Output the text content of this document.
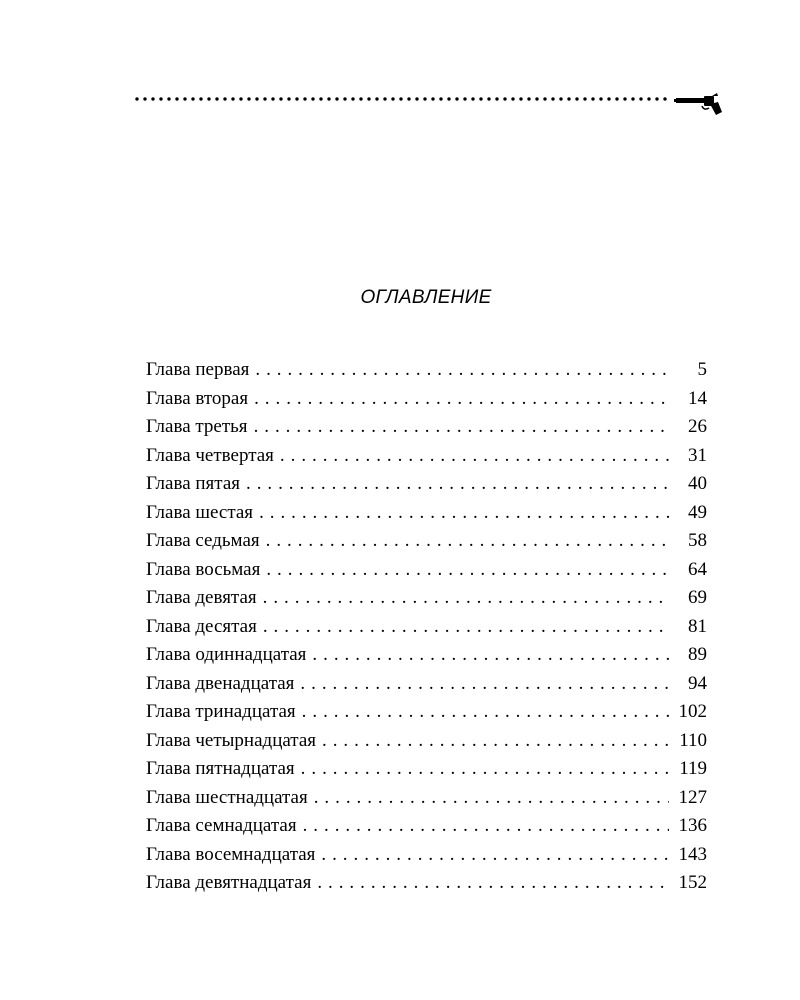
ОГЛАВЛЕНИЕ
Глава первая . . .	5
Глава вторая . . .	14
Глава третья . . .	26
Глава четвертая . . .	31
Глава пятая . . .	40
Глава шестая . . .	49
Глава седьмая . . .	58
Глава восьмая . . .	64
Глава девятая . . .	69
Глава десятая . . .	81
Глава одиннадцатая . . .	89
Глава двенадцатая . . .	94
Глава тринадцатая . . .	102
Глава четырнадцатая . . .	110
Глава пятнадцатая . . .	119
Глава шестнадцатая . . .	127
Глава семнадцатая . . .	136
Глава восемнадцатая . . .	143
Глава девятнадцатая . . .	152
